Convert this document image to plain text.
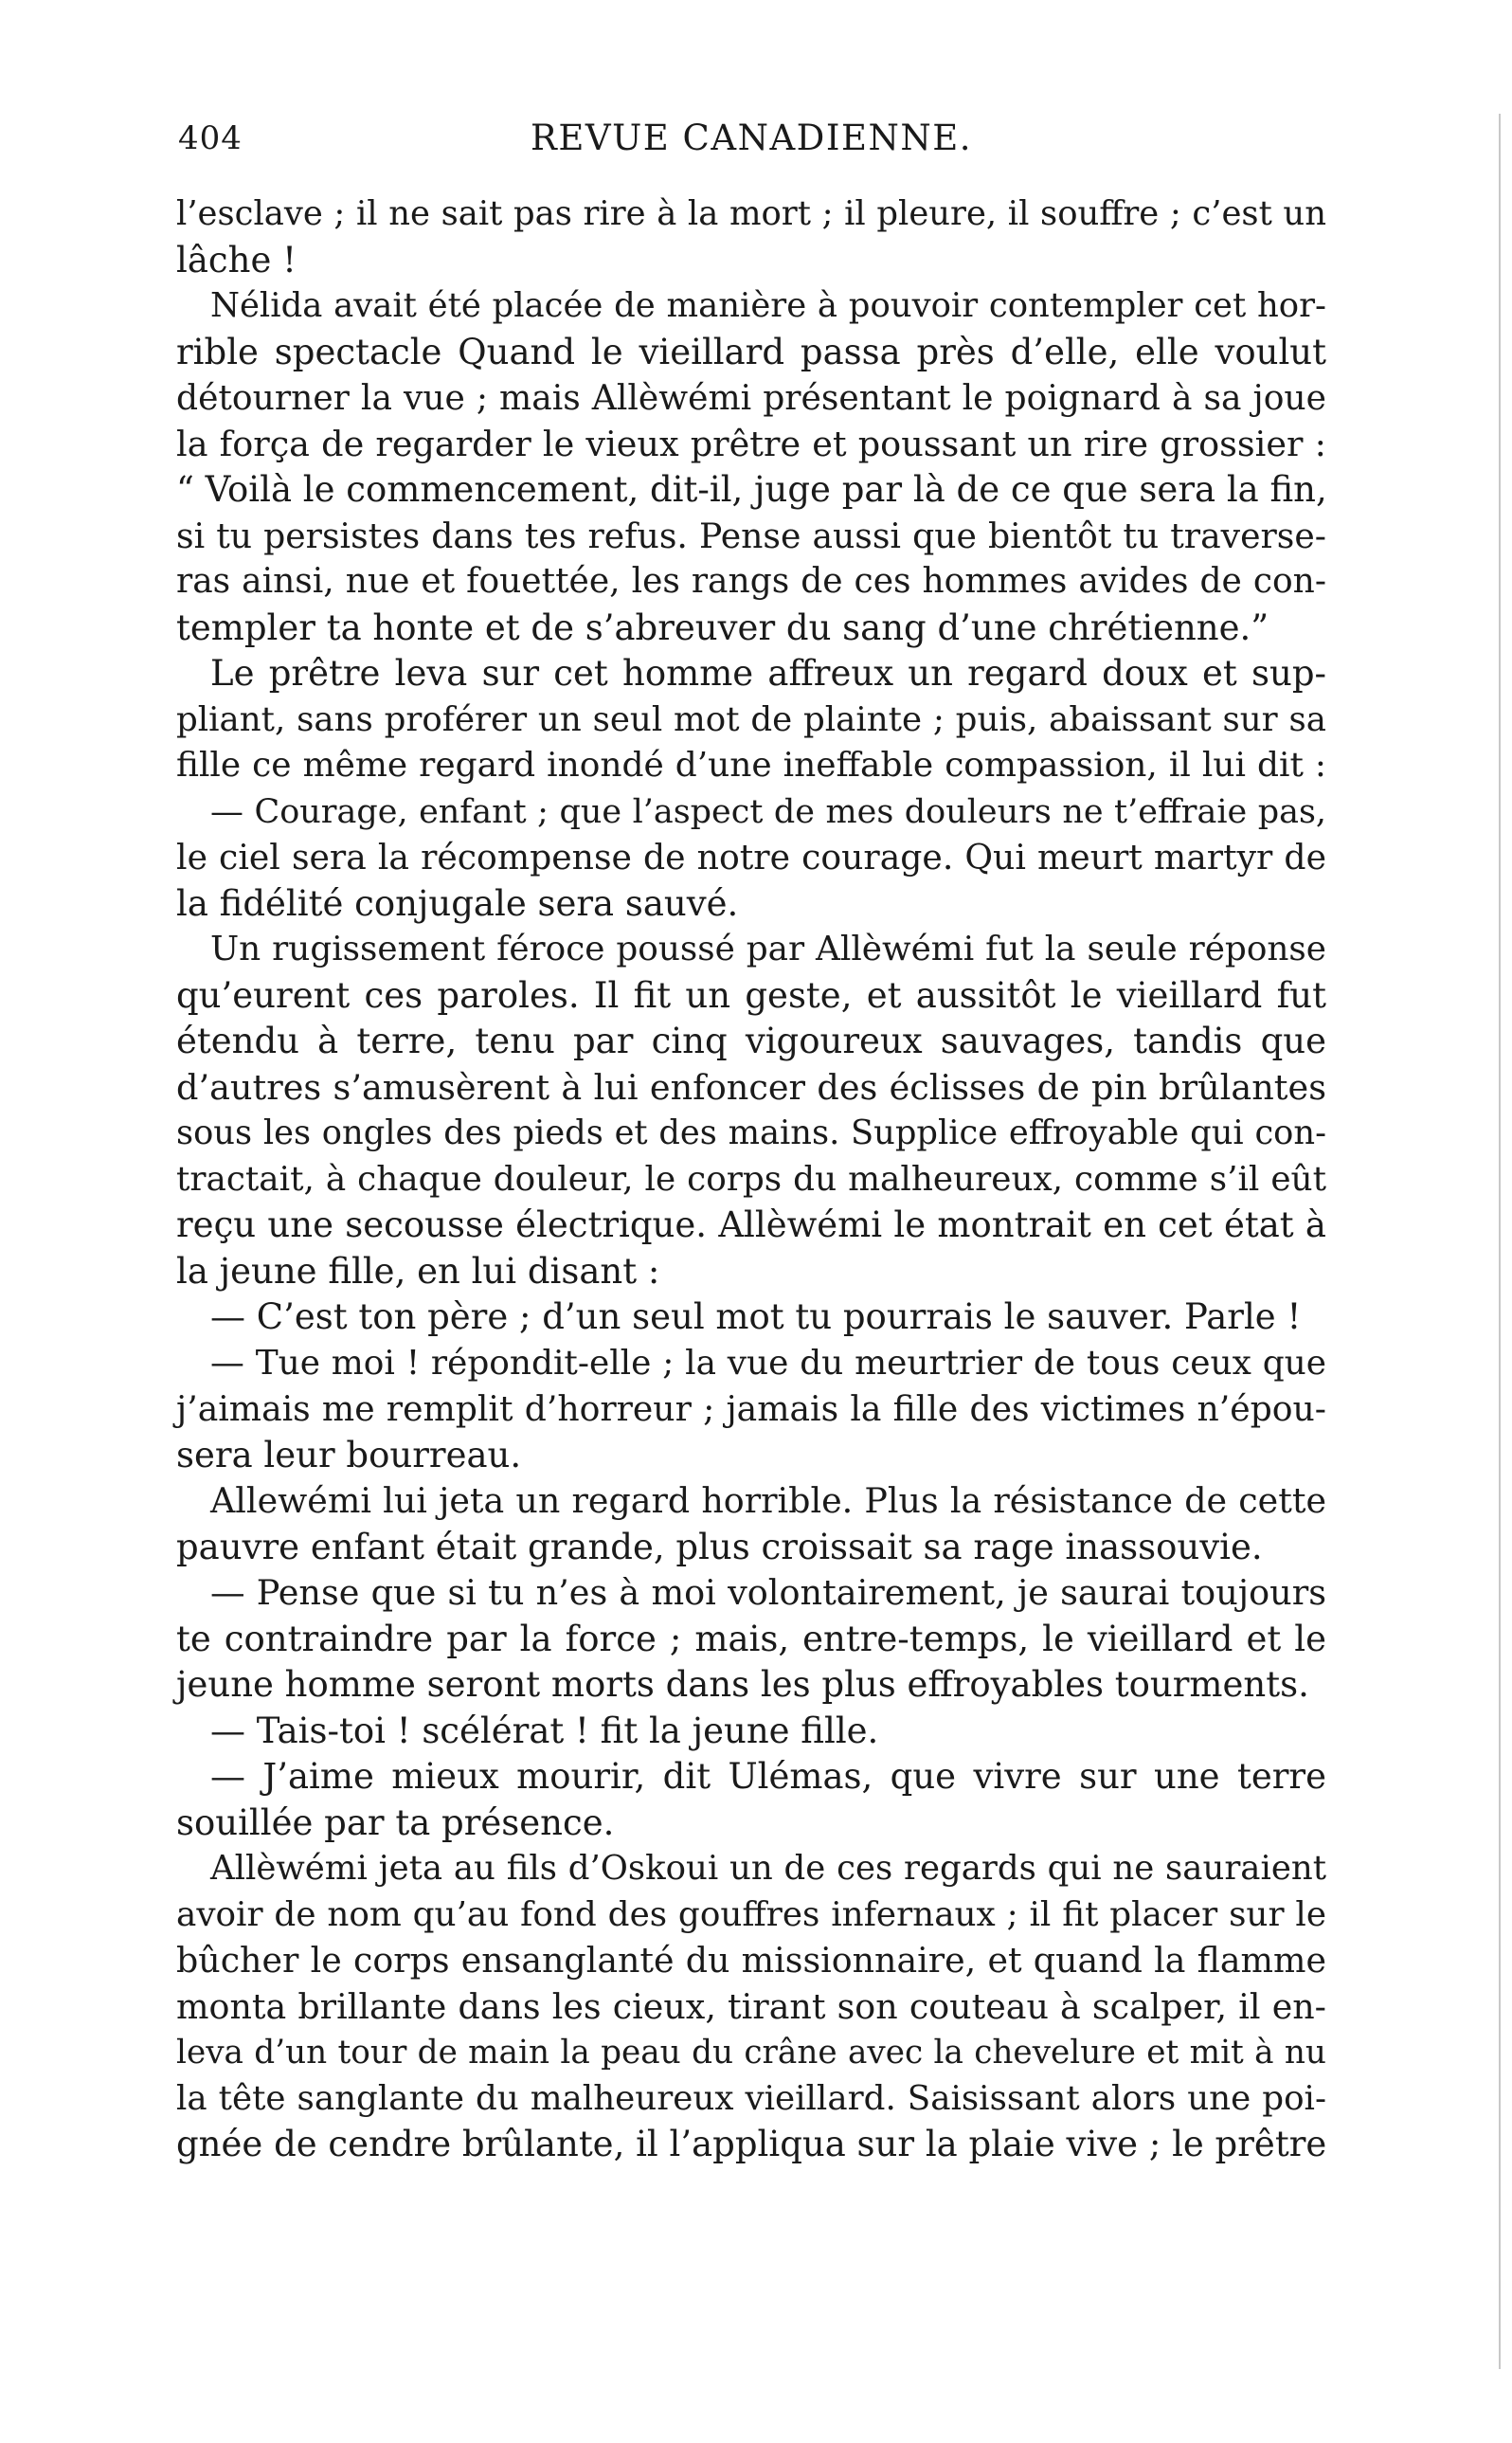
404	REVUE CANADIENNE.
l’esclave ; il ne sait pas rire à la mort ; il pleure, il souffre ; c’est un
lâche !
Nélida avait été placée de manière à pouvoir contempler cet hor-
rible spectacle Quand le vieillard passa près d’elle, elle voulut
détourner la vue ; mais Allèwémi présentant le poignard à sa joue
la força de regarder le vieux prêtre et poussant un rire grossier :
“ Voilà le commencement, dit-il, juge par là de ce que sera la fin,
si tu persistes dans tes refus. Pense aussi que bientôt tu traverse-
ras ainsi, nue et fouettée, les rangs de ces hommes avides de con-
templer ta honte et de s’abreuver du sang d’une chrétienne.”
Le prêtre leva sur cet homme affreux un regard doux et sup-
pliant, sans proférer un seul mot de plainte ; puis, abaissant sur sa
fille ce même regard inondé d’une ineffable compassion, il lui dit :
— Courage, enfant ; que l’aspect de mes douleurs ne t’effraie pas,
le ciel sera la récompense de notre courage. Qui meurt martyr de
la fidélité conjugale sera sauvé.
Un rugissement féroce poussé par Allèwémi fut la seule réponse
qu’eurent ces paroles. Il fit un geste, et aussitôt le vieillard fut
étendu à terre, tenu par cinq vigoureux sauvages, tandis que
d’autres s’amusèrent à lui enfoncer des éclisses de pin brûlantes
sous les ongles des pieds et des mains. Supplice effroyable qui con-
tractait, à chaque douleur, le corps du malheureux, comme s’il eût
reçu une secousse électrique. Allèwémi le montrait en cet état à
la jeune fille, en lui disant :
— C’est ton père ; d’un seul mot tu pourrais le sauver. Parle !
— Tue moi ! répondit-elle ; la vue du meurtrier de tous ceux que
j’aimais me remplit d’horreur ; jamais la fille des victimes n’épou-
sera leur bourreau.
Allewémi lui jeta un regard horrible. Plus la résistance de cette
pauvre enfant était grande, plus croissait sa rage inassouvie.
— Pense que si tu n’es à moi volontairement, je saurai toujours
te contraindre par la force ; mais, entre-temps, le vieillard et le
jeune homme seront morts dans les plus effroyables tourments.
— Tais-toi ! scélérat ! fit la jeune fille.
— J’aime mieux mourir, dit Ulémas, que vivre sur une terre
souillée par ta présence.
Allèwémi jeta au fils d’Oskoui un de ces regards qui ne sauraient
avoir de nom qu’au fond des gouffres infernaux ; il fit placer sur le
bûcher le corps ensanglanté du missionnaire, et quand la flamme
monta brillante dans les cieux, tirant son couteau à scalper, il en-
leva d’un tour de main la peau du crâne avec la chevelure et mit à nu
la tête sanglante du malheureux vieillard. Saisissant alors une poi-
gnée de cendre brûlante, il l’appliqua sur la plaie vive ; le prêtre
